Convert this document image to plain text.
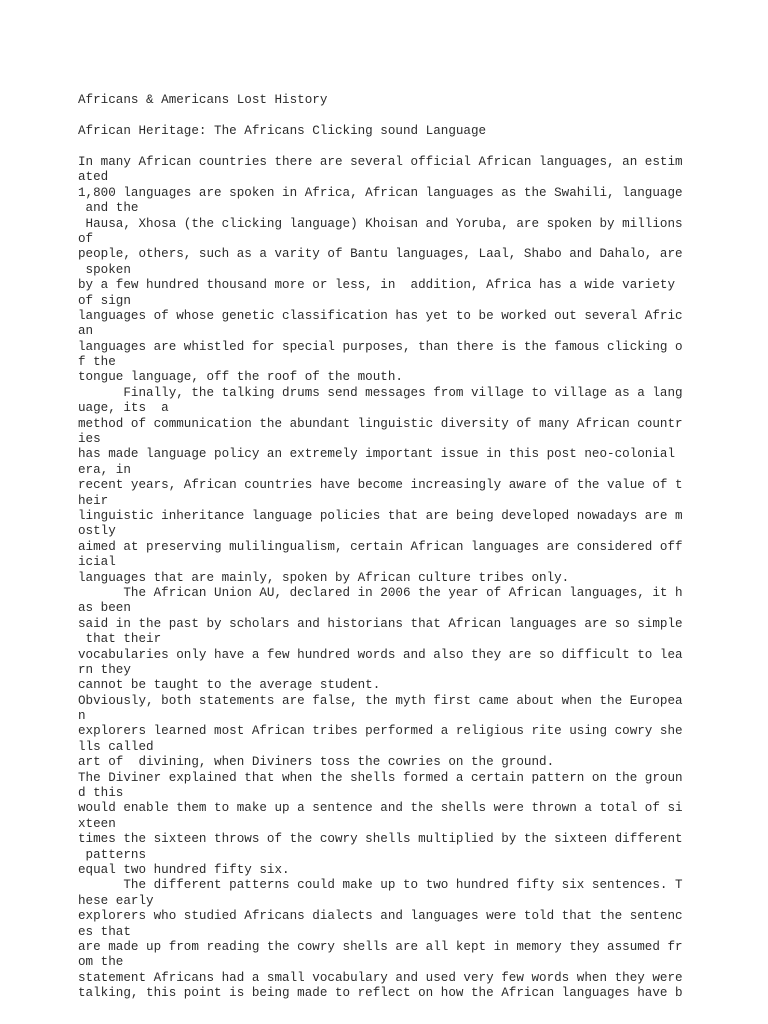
Africans & Americans Lost History
African Heritage: The Africans Clicking sound Language
In many African countries there are several official African languages, an estim
ated
1,800 languages are spoken in Africa, African languages as the Swahili, language
and the
Hausa, Xhosa (the clicking language) Khoisan and Yoruba, are spoken by millions
of
people, others, such as a varity of Bantu languages, Laal, Shabo and Dahalo, are
spoken
by a few hundred thousand more or less, in  addition, Africa has a wide variety
of sign
languages of whose genetic classification has yet to be worked out several Afric
an
languages are whistled for special purposes, than there is the famous clicking o
f the
tongue language, off the roof of the mouth.
Finally, the talking drums send messages from village to village as a lang
uage, its  a
method of communication the abundant linguistic diversity of many African countr
ies
has made language policy an extremely important issue in this post neo-colonial
era, in
recent years, African countries have become increasingly aware of the value of t
heir
linguistic inheritance language policies that are being developed nowadays are m
ostly
aimed at preserving mulilingualism, certain African languages are considered off
icial
languages that are mainly, spoken by African culture tribes only.
The African Union AU, declared in 2006 the year of African languages, it h
as been
said in the past by scholars and historians that African languages are so simple
that their
vocabularies only have a few hundred words and also they are so difficult to lea
rn they
cannot be taught to the average student.
Obviously, both statements are false, the myth first came about when the Europea
n
explorers learned most African tribes performed a religious rite using cowry she
lls called
art of  divining, when Diviners toss the cowries on the ground.
The Diviner explained that when the shells formed a certain pattern on the groun
d this
would enable them to make up a sentence and the shells were thrown a total of si
xteen
times the sixteen throws of the cowry shells multiplied by the sixteen different
patterns
equal two hundred fifty six.
The different patterns could make up to two hundred fifty six sentences. T
hese early
explorers who studied Africans dialects and languages were told that the sentenc
es that
are made up from reading the cowry shells are all kept in memory they assumed fr
om the
statement Africans had a small vocabulary and used very few words when they were
talking, this point is being made to reflect on how the African languages have b
